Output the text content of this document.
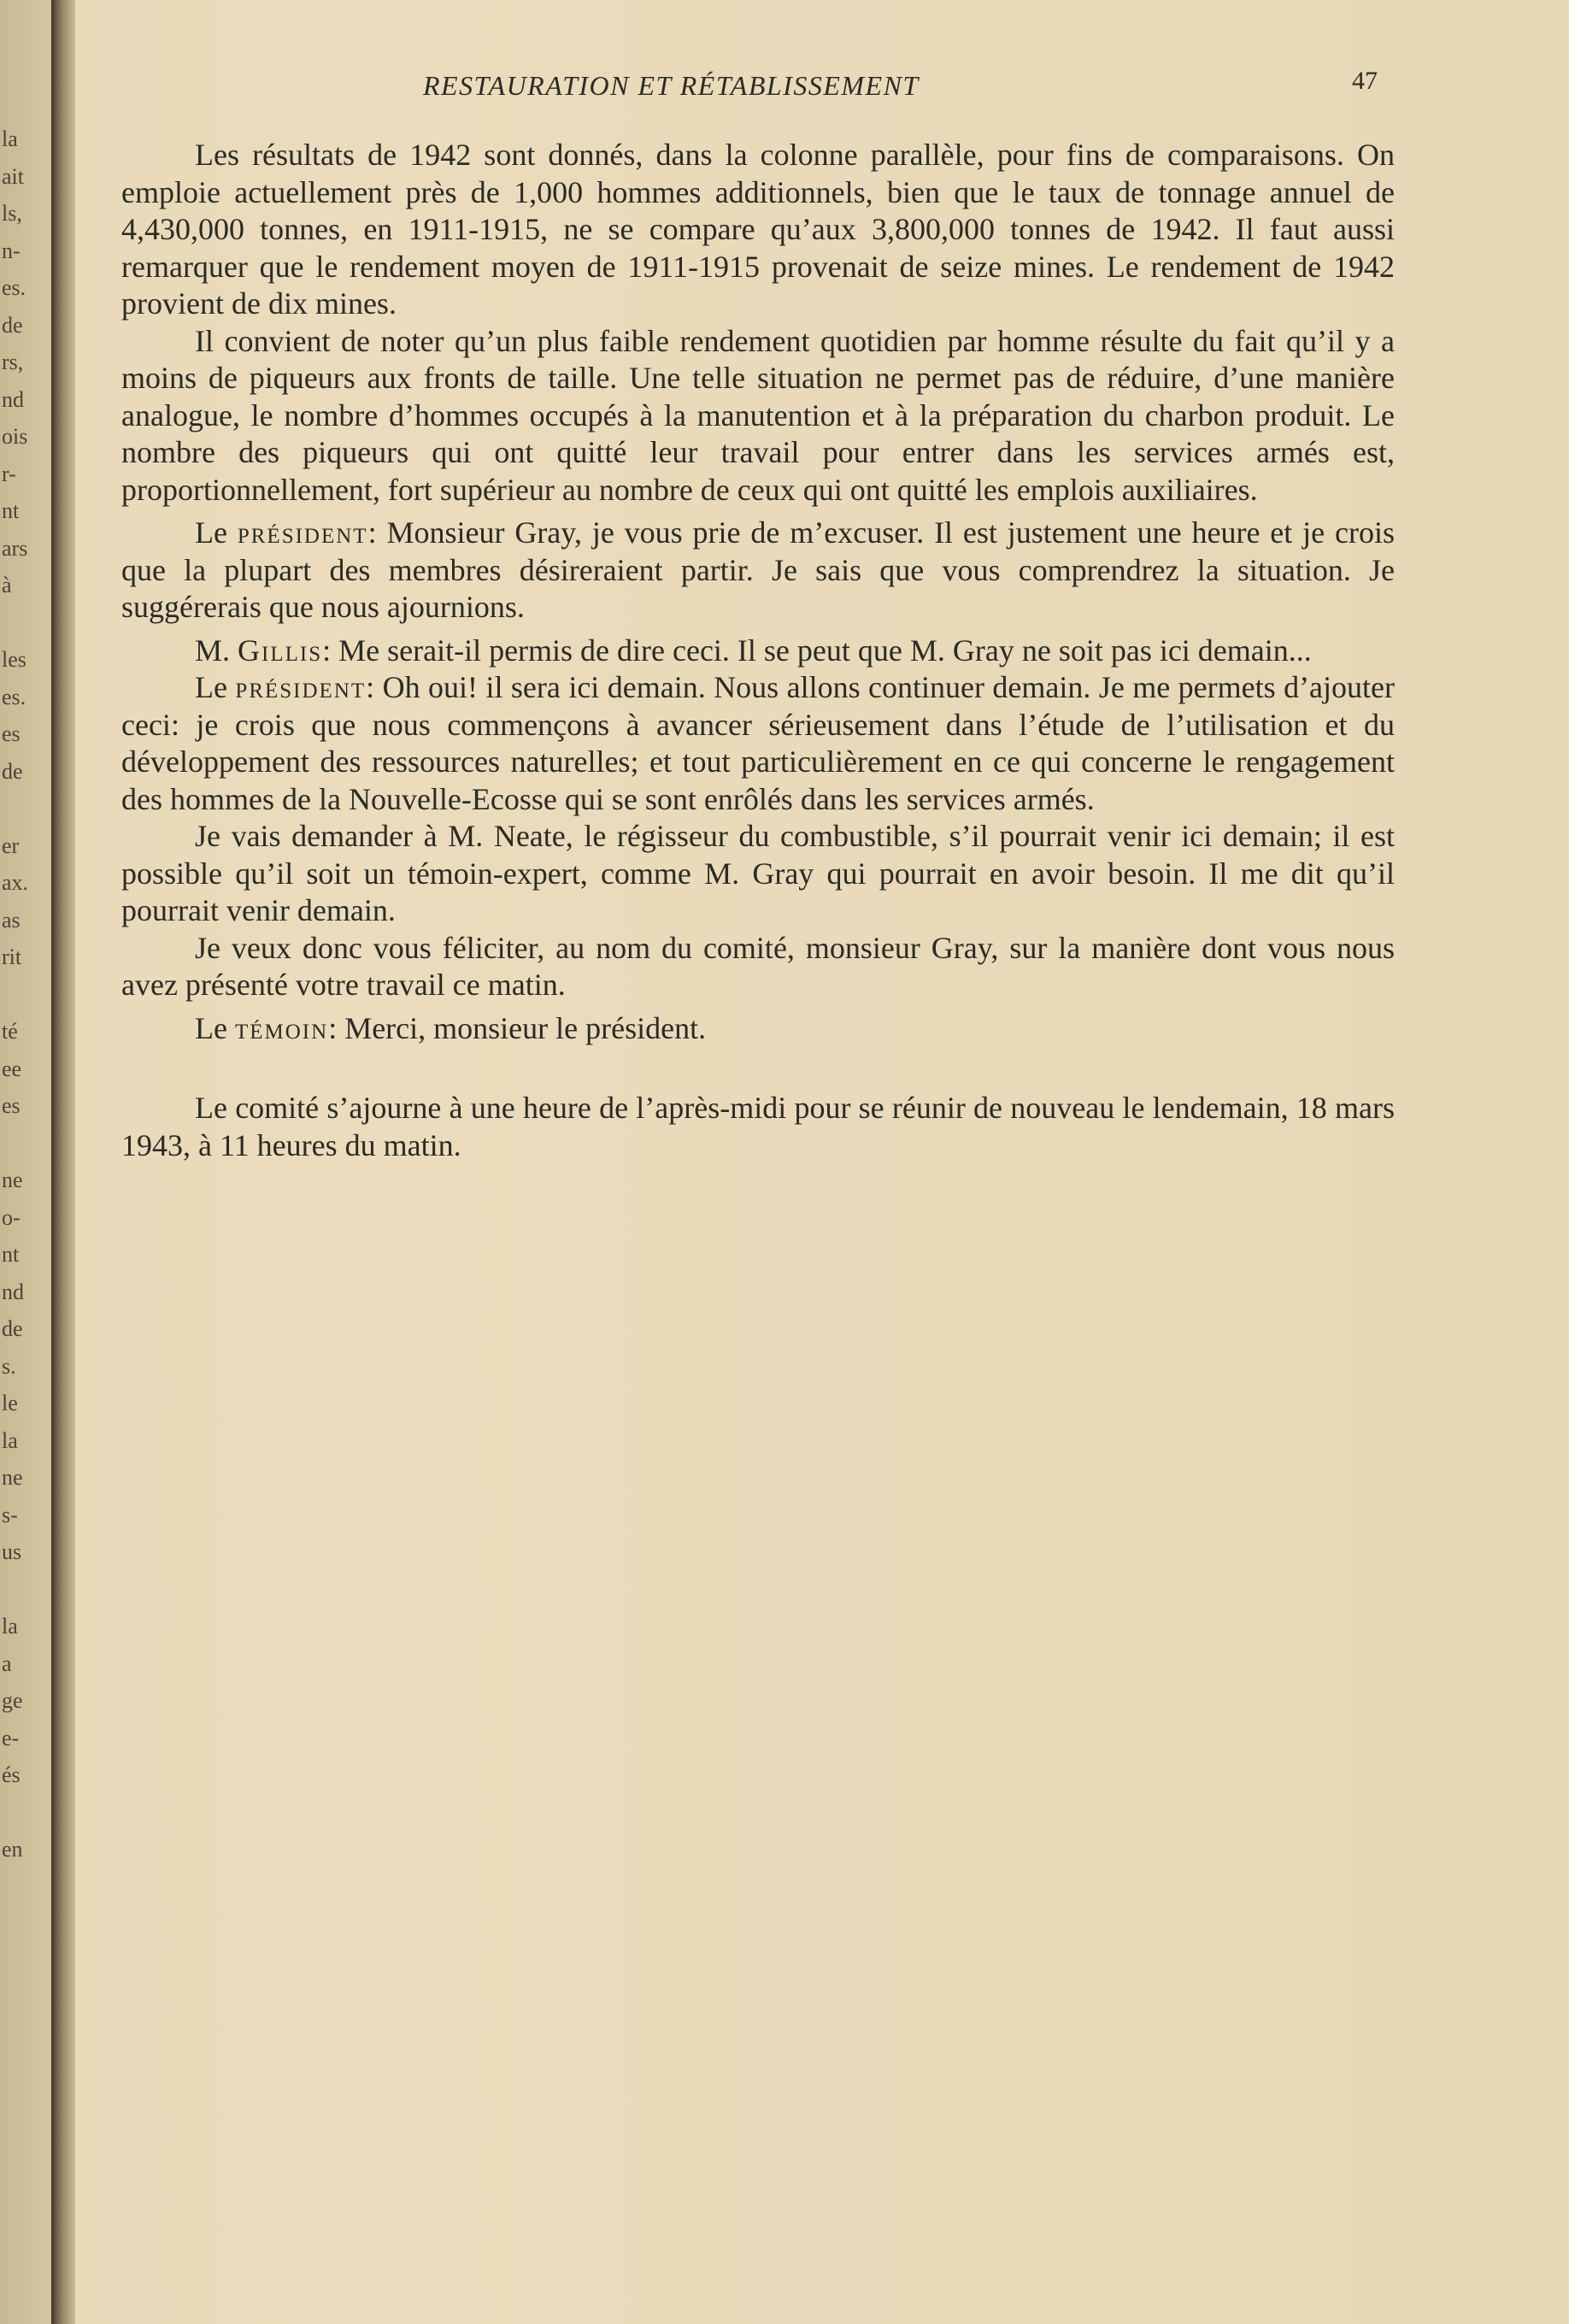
la
ait
ls,
n-
es.
de
rs,
nd
ois
r-
nt
ars
à
les
es.
es
de
er
ax.
as
rit
té
ee
es
ne
o-
nt
nd
de
s.
le
la
ne
s-
us
la
a
ge
e-
és
en
RESTAURATION ET RÉTABLISSEMENT	47

Les résultats de 1942 sont donnés, dans la colonne parallèle, pour fins de comparaisons. On emploie actuellement près de 1,000 hommes additionnels, bien que le taux de tonnage annuel de 4,430,000 tonnes, en 1911-1915, ne se compare qu’aux 3,800,000 tonnes de 1942. Il faut aussi remarquer que le rendement moyen de 1911-1915 provenait de seize mines. Le rendement de 1942 provient de dix mines.

Il convient de noter qu’un plus faible rendement quotidien par homme résulte du fait qu’il y a moins de piqueurs aux fronts de taille. Une telle situation ne permet pas de réduire, d’une manière analogue, le nombre d’hommes occupés à la manutention et à la préparation du charbon produit. Le nombre des piqueurs qui ont quitté leur travail pour entrer dans les services armés est, proportionnellement, fort supérieur au nombre de ceux qui ont quitté les emplois auxiliaires.

Le président: Monsieur Gray, je vous prie de m’excuser. Il est justement une heure et je crois que la plupart des membres désireraient partir. Je sais que vous comprendrez la situation. Je suggérerais que nous ajournions.

M. Gillis: Me serait-il permis de dire ceci. Il se peut que M. Gray ne soit pas ici demain...

Le président: Oh oui! il sera ici demain. Nous allons continuer demain. Je me permets d’ajouter ceci: je crois que nous commençons à avancer sérieusement dans l’étude de l’utilisation et du développement des ressources naturelles; et tout particulièrement en ce qui concerne le rengagement des hommes de la Nouvelle-Ecosse qui se sont enrôlés dans les services armés.

Je vais demander à M. Neate, le régisseur du combustible, s’il pourrait venir ici demain; il est possible qu’il soit un témoin-expert, comme M. Gray qui pourrait en avoir besoin. Il me dit qu’il pourrait venir demain.

Je veux donc vous féliciter, au nom du comité, monsieur Gray, sur la manière dont vous nous avez présenté votre travail ce matin.

Le témoin: Merci, monsieur le président.

Le comité s’ajourne à une heure de l’après-midi pour se réunir de nouveau le lendemain, 18 mars 1943, à 11 heures du matin.
